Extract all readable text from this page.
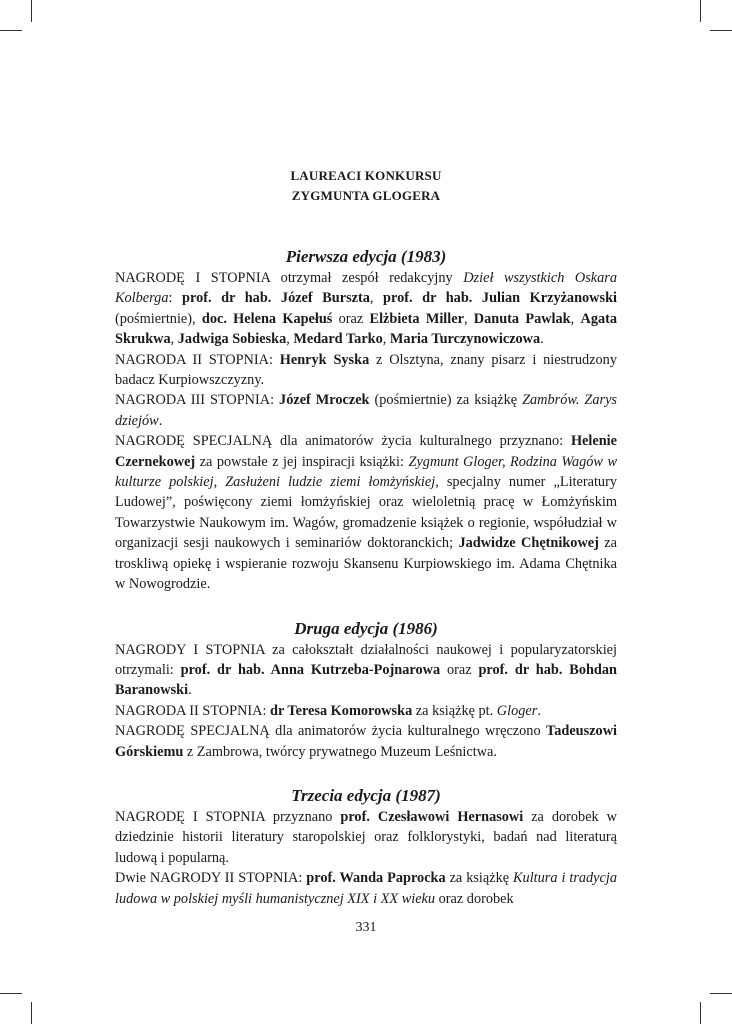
LAUREACI KONKURSU
ZYGMUNTA GLOGERA
Pierwsza edycja (1983)

NAGRODĘ I STOPNIA otrzymał zespół redakcyjny Dzieł wszystkich Oskara Kolberga: prof. dr hab. Józef Burszta, prof. dr hab. Julian Krzyżanowski (pośmiertnie), doc. Helena Kapełuś oraz Elżbieta Miller, Danuta Pawlak, Agata Skrukwa, Jadwiga Sobieska, Medard Tarko, Maria Turczynowiczowa.

NAGRODA II STOPNIA: Henryk Syska z Olsztyna, znany pisarz i niestrudzony badacz Kurpiowszczyzny.

NAGRODA III STOPNIA: Józef Mroczek (pośmiertnie) za książkę Zambrów. Zarys dziejów.

NAGRODĘ SPECJALNĄ dla animatorów życia kulturalnego przyznano: Helenie Czernekowej za powstałe z jej inspiracji książki: Zygmunt Gloger, Rodzina Wagów w kulturze polskiej, Zasłużeni ludzie ziemi łomżyńskiej, specjalny numer „Literatury Ludowej”, poświęcony ziemi łomżyńskiej oraz wieloletnią pracę w Łomżyńskim Towarzystwie Naukowym im. Wagów, gromadzenie książek o regionie, współudział w organizacji sesji naukowych i seminariów doktoranckich; Jadwidze Chętnikowej za troskliwą opiekę i wspieranie rozwoju Skansenu Kurpiowskiego im. Adama Chętnika w Nowogrodzie.

Druga edycja (1986)

NAGRODY I STOPNIA za całokształt działalności naukowej i popularyzatorskiej otrzymali: prof. dr hab. Anna Kutrzeba-Pojnarowa oraz prof. dr hab. Bohdan Baranowski.

NAGRODA II STOPNIA: dr Teresa Komorowska za książkę pt. Gloger.

NAGRODĘ SPECJALNĄ dla animatorów życia kulturalnego wręczono Tadeuszowi Górskiemu z Zambrowa, twórcy prywatnego Muzeum Leśnictwa.

Trzecia edycja (1987)

NAGRODĘ I STOPNIA przyznano prof. Czesławowi Hernasowi za dorobek w dziedzinie historii literatury staropolskiej oraz folklorystyki, badań nad literaturą ludową i popularną.

Dwie NAGRODY II STOPNIA: prof. Wanda Paprocka za książkę Kultura i tradycja ludowa w polskiej myśli humanistycznej XIX i XX wieku oraz dorobek

331
